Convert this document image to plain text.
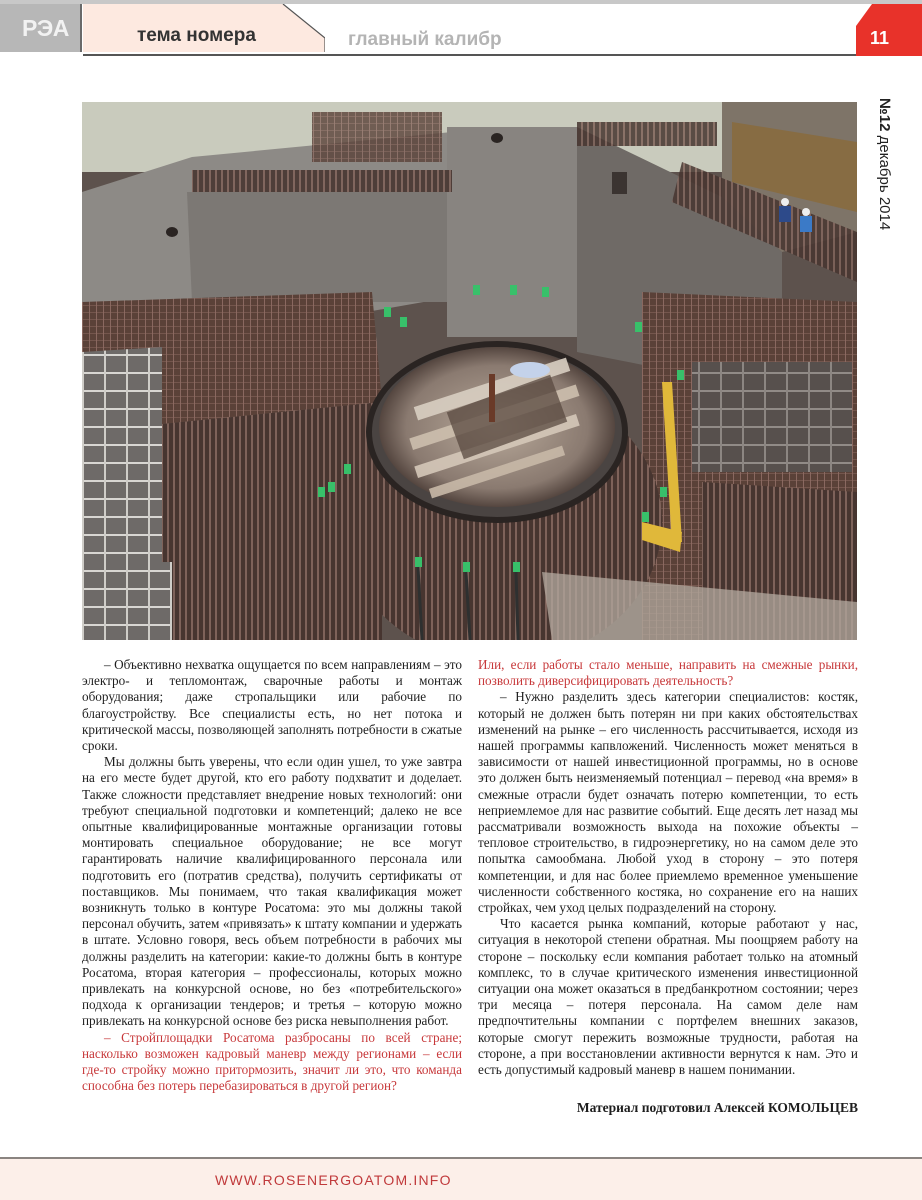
РЭА	тема номера	главный калибр	11
№12 декабрь 2014

– Объективно нехватка ощущается по всем направлениям – это электро- и тепломонтаж, сварочные работы и монтаж оборудования; даже стропальщики или рабочие по благоустройству. Все специалисты есть, но нет потока и критической массы, позволяющей заполнять потребности в сжатые сроки.

Мы должны быть уверены, что если один ушел, то уже завтра на его месте будет другой, кто его работу подхватит и доделает. Также сложности представляет внедрение новых технологий: они требуют специальной подготовки и компетенций; далеко не все опытные квалифицированные монтажные организации готовы монтировать специальное оборудование; не все могут гарантировать наличие квалифицированного персонала или подготовить его (потратив средства), получить сертификаты от поставщиков. Мы понимаем, что такая квалификация может возникнуть только в контуре Росатома: это мы должны такой персонал обучить, затем «привязать» к штату компании и удержать в штате. Условно говоря, весь объем потребности в рабочих мы должны разделить на категории: какие-то должны быть в контуре Росатома, вторая категория – профессионалы, которых можно привлекать на конкурсной основе, но без «потребительского» подхода к организации тендеров; и третья – которую можно привлекать на конкурсной основе без риска невыполнения работ.

– Стройплощадки Росатома разбросаны по всей стране; насколько возможен кадровый маневр между регионами – если где-то стройку можно притормозить, значит ли это, что команда способна без потерь перебазироваться в другой регион?

Или, если работы стало меньше, направить на смежные рынки, позволить диверсифицировать деятельность?

– Нужно разделить здесь категории специалистов: костяк, который не должен быть потерян ни при каких обстоятельствах изменений на рынке – его численность рассчитывается, исходя из нашей программы капвложений. Численность может меняться в зависимости от нашей инвестиционной программы, но в основе это должен быть неизменяемый потенциал – перевод «на время» в смежные отрасли будет означать потерю компетенции, то есть неприемлемое для нас развитие событий. Еще десять лет назад мы рассматривали возможность выхода на похожие объекты – тепловое строительство, в гидроэнергетику, но на самом деле это попытка самообмана. Любой уход в сторону – это потеря компетенции, и для нас более приемлемо временное уменьшение численности собственного костяка, но сохранение его на наших стройках, чем уход целых подразделений на сторону.

Что касается рынка компаний, которые работают у нас, ситуация в некоторой степени обратная. Мы поощряем работу на стороне – поскольку если компания работает только на атомный комплекс, то в случае критического изменения инвестиционной ситуации она может оказаться в предбанкротном состоянии; через три месяца – потеря персонала. На самом деле нам предпочтительны компании с портфелем внешних заказов, которые смогут пережить возможные трудности, работая на стороне, а при восстановлении активности вернутся к нам. Это и есть допустимый кадровый маневр в нашем понимании.

Материал подготовил Алексей КОМОЛЬЦЕВ
WWW.ROSENERGOATOM.INFO
